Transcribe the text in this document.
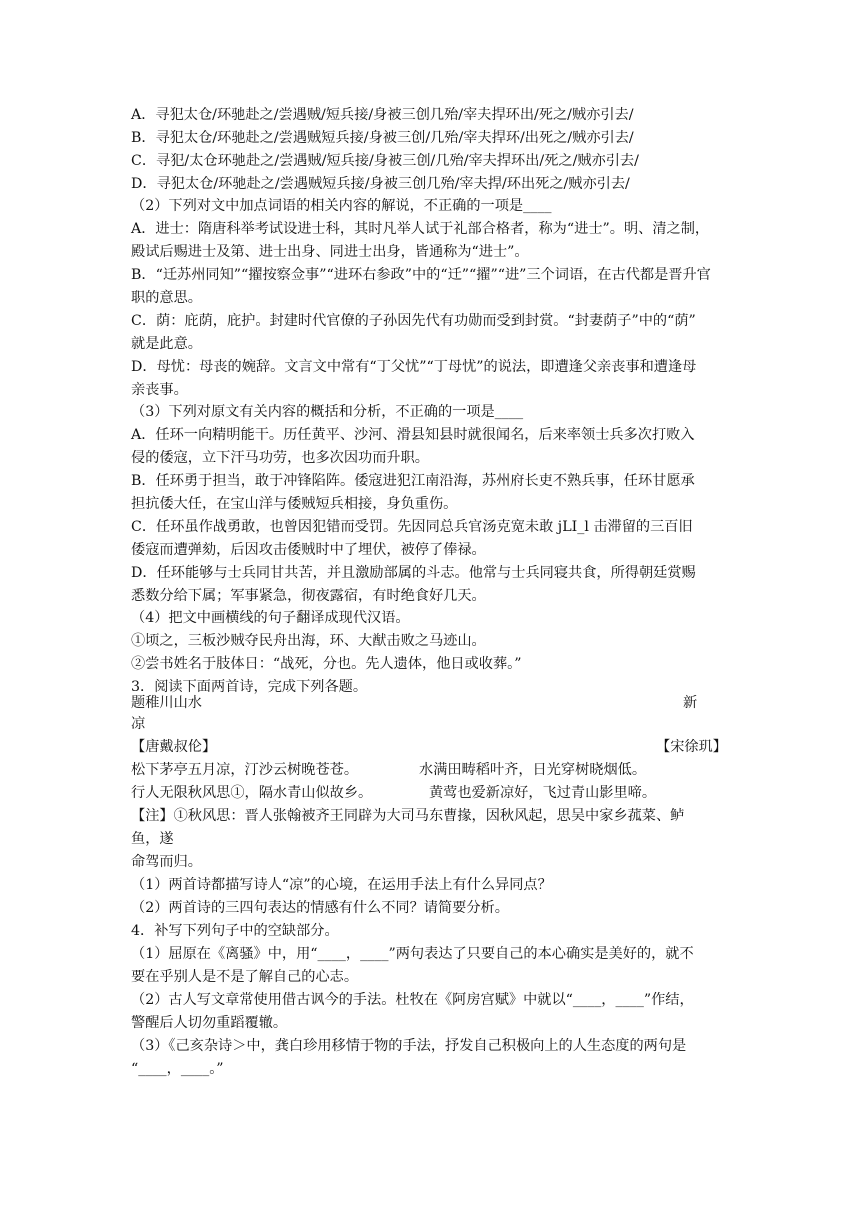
A．寻犯太仓/环驰赴之/尝遇贼/短兵接/身被三创几殆/宰夫捍环出/死之/贼亦引去/
B．寻犯太仓/环驰赴之/尝遇贼短兵接/身被三创/几殆/宰夫捍环/出死之/贼亦引去/
C．寻犯/太仓环驰赴之/尝遇贼/短兵接/身被三创/几殆/宰夫捍环出/死之/贼亦引去/
D．寻犯太仓/环驰赴之/尝遇贼短兵接/身被三创几殆/宰夫捍/环出死之/贼亦引去/
（2）下列对文中加点词语的相关内容的解说，不正确的一项是____
A．进士：隋唐科举考试设进士科，其时凡举人试于礼部合格者，称为“进士”。明、清之制，
殿试后赐进士及第、进士出身、同进士出身，皆通称为“进士”。
B．“迁苏州同知”“擢按察佥事”“进环右参政”中的“迁”“擢”“进”三个词语，在古代都是晋升官
职的意思。
C．荫：庇荫，庇护。封建时代官僚的子孙因先代有功勋而受到封赏。“封妻荫子”中的“荫”
就是此意。
D．母忧：母丧的婉辞。文言文中常有“丁父忧”“丁母忧”的说法，即遭逢父亲丧事和遭逢母
亲丧事。
（3）下列对原文有关内容的概括和分析，不正确的一项是____
A．任环一向精明能干。历任黄平、沙河、滑县知县时就很闻名，后来率领士兵多次打败入
侵的倭寇，立下汗马功劳，也多次因功而升职。
B．任环勇于担当，敢于冲锋陷阵。倭寇进犯江南沿海，苏州府长吏不熟兵事，任环甘愿承
担抗倭大任，在宝山洋与倭贼短兵相接，身负重伤。
C．任环虽作战勇敢，也曾因犯错而受罚。先因同总兵官汤克宽未敢 jLI_l 击滞留的三百旧
倭寇而遭弹劾，后因攻击倭贼时中了埋伏，被停了俸禄。
D．任环能够与士兵同甘共苦，并且激励部属的斗志。他常与士兵同寝共食，所得朝廷赏赐
悉数分给下属；军事紧急，彻夜露宿，有时绝食好几天。
（4）把文中画横线的句子翻译成现代汉语。
①顷之，三板沙贼夺民舟出海，环、大猷击败之马迹山。
②尝书姓名于肢体日：“战死，分也。先人遗体，他日或收葬。”
3．阅读下面两首诗，完成下列各题。
题稚川山水	新
凉
【唐戴叔伦】	【宋徐玑】
松下茅亭五月凉，汀沙云树晚苍苍。	水满田畴稻叶齐，日光穿树晓烟低。
行人无限秋风思①，隔水青山似故乡。	黄莺也爱新凉好，飞过青山影里啼。
【注】①秋风思：晋人张翰被齐王同辟为大司马东曹掾，因秋风起，思吴中家乡菰菜、鲈
鱼，遂
命驾而归。
（1）两首诗都描写诗人“凉”的心境，在运用手法上有什么异同点？
（2）两首诗的三四句表达的情感有什么不同？请简要分析。
4．补写下列句子中的空缺部分。
（1）屈原在《离骚》中，用“____，____”两句表达了只要自己的本心确实是美好的，就不
要在乎别人是不是了解自己的心志。
（2）古人写文章常使用借古讽今的手法。杜牧在《阿房宫赋》中就以“____，____”作结，
警醒后人切勿重蹈覆辙。
（3）《己亥杂诗＞中，龚白珍用移情于物的手法，抒发自己积极向上的人生态度的两句是
“____，____。”
